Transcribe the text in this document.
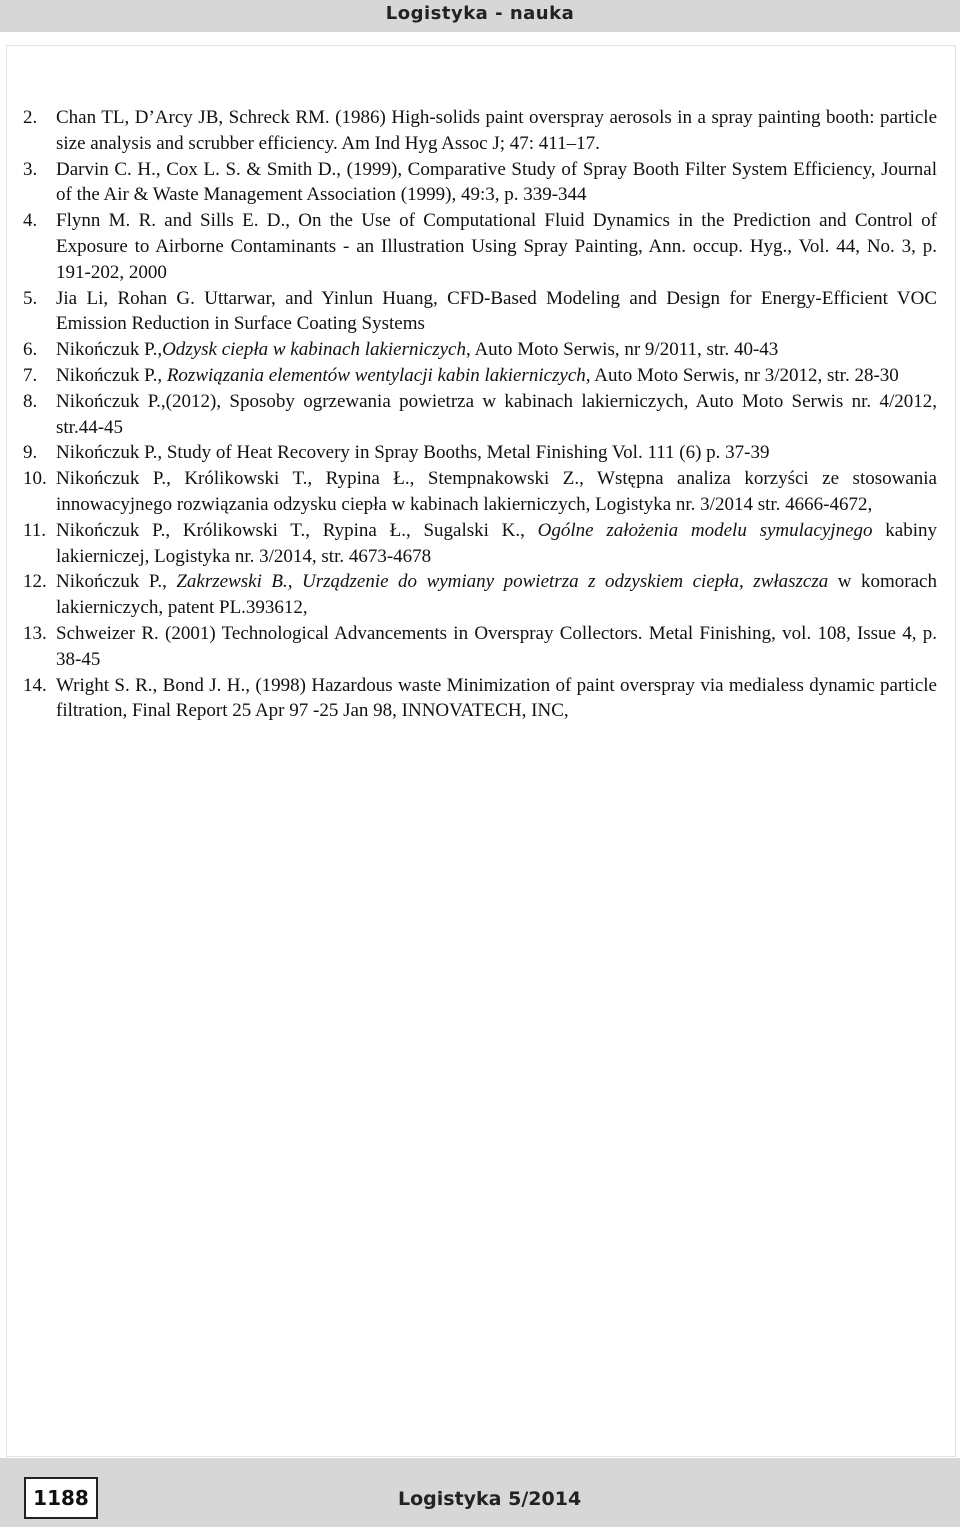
Logistyka - nauka
2. Chan TL, D’Arcy JB, Schreck RM. (1986) High-solids paint overspray aerosols in a spray painting booth: particle size analysis and scrubber efficiency. Am Ind Hyg Assoc J; 47: 411–17.
3. Darvin C. H., Cox L. S. & Smith D., (1999), Comparative Study of Spray Booth Filter System Efficiency, Journal of the Air & Waste Management Association (1999), 49:3, p. 339-344
4. Flynn M. R. and Sills E. D., On the Use of Computational Fluid Dynamics in the Prediction and Control of Exposure to Airborne Contaminants - an Illustration Using Spray Painting, Ann. occup. Hyg., Vol. 44, No. 3, p. 191-202, 2000
5. Jia Li, Rohan G. Uttarwar, and Yinlun Huang, CFD-Based Modeling and Design for Energy-Efficient VOC Emission Reduction in Surface Coating Systems
6. Nikończuk P.,Odzysk ciepła w kabinach lakierniczych, Auto Moto Serwis, nr 9/2011, str. 40-43
7. Nikończuk P., Rozwiązania elementów wentylacji kabin lakierniczych, Auto Moto Serwis, nr 3/2012, str. 28-30
8. Nikończuk P.,(2012), Sposoby ogrzewania powietrza w kabinach lakierniczych, Auto Moto Serwis nr. 4/2012, str.44-45
9. Nikończuk P., Study of Heat Recovery in Spray Booths, Metal Finishing Vol. 111 (6) p. 37-39
10. Nikończuk P., Królikowski T., Rypina Ł., Stempnakowski Z., Wstępna analiza korzyści ze stosowania innowacyjnego rozwiązania odzysku ciepła w kabinach lakierniczych, Logistyka nr. 3/2014 str. 4666-4672,
11. Nikończuk P., Królikowski T., Rypina Ł., Sugalski K., Ogólne założenia modelu symulacyjnego kabiny lakierniczej, Logistyka nr. 3/2014, str. 4673-4678
12. Nikończuk P., Zakrzewski B., Urządzenie do wymiany powietrza z odzyskiem ciepła, zwłaszcza w komorach lakierniczych, patent PL.393612,
13. Schweizer R. (2001) Technological Advancements in Overspray Collectors. Metal Finishing, vol. 108, Issue 4, p. 38-45
14. Wright S. R., Bond J. H., (1998) Hazardous waste Minimization of paint overspray via medialess dynamic particle filtration, Final Report 25 Apr 97 -25 Jan 98, INNOVATECH, INC,
1188	Logistyka 5/2014
